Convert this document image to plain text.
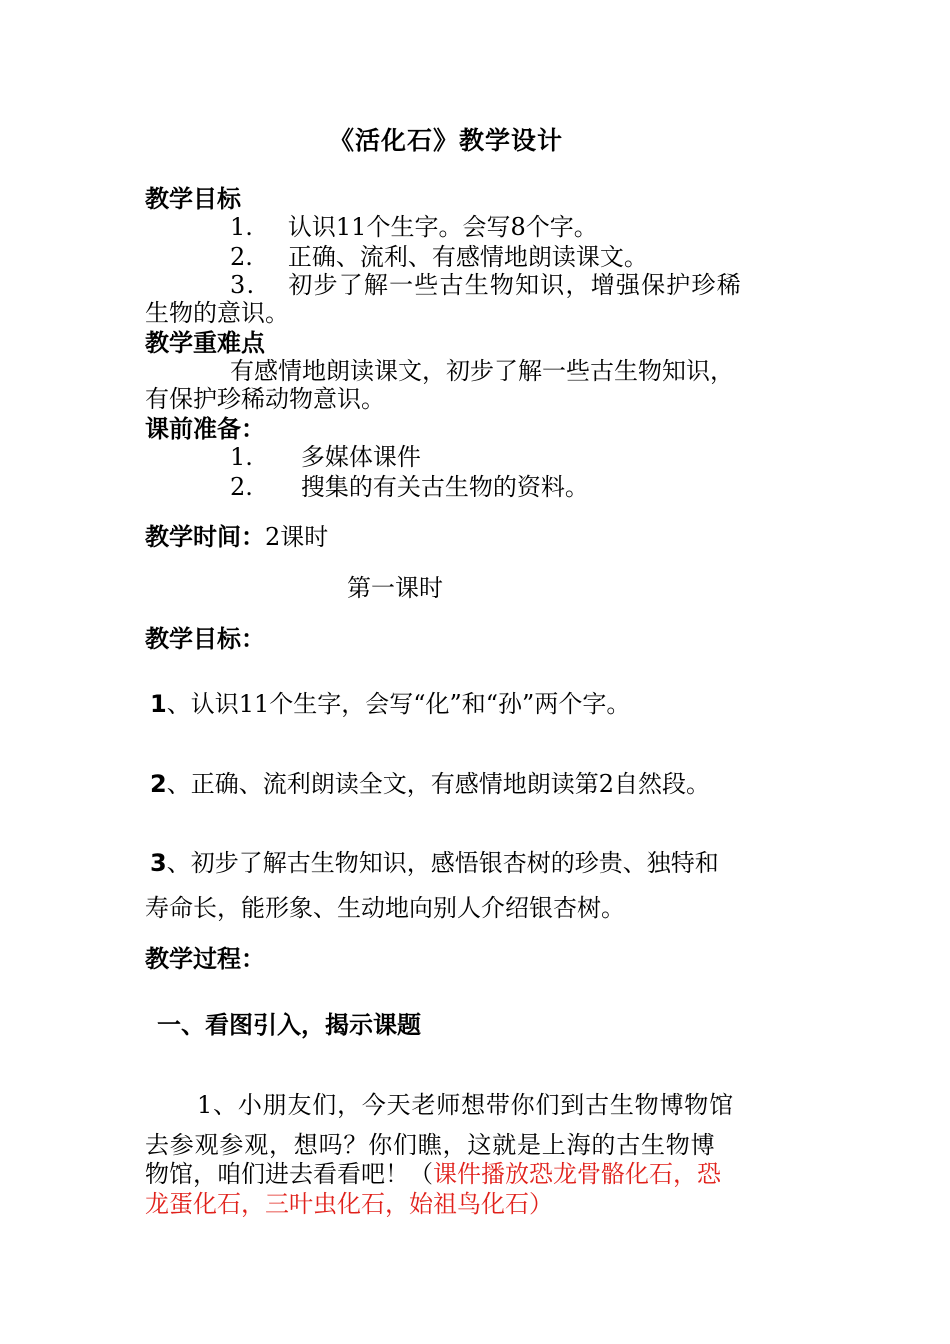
《活化石》教学设计
教学目标
1. 认识11个生字。会写8个字。
2. 正确、流利、有感情地朗读课文。
3. 初步了解一些古生物知识，增强保护珍稀
生物的意识。
教学重难点
有感情地朗读课文，初步了解一些古生物知识，
有保护珍稀动物意识。
课前准备：
1. 多媒体课件
2. 搜集的有关古生物的资料。
教学时间：2课时
第一课时
教学目标：
1、认识11个生字，会写“化”和“孙”两个字。
2、正确、流利朗读全文，有感情地朗读第2自然段。
3、初步了解古生物知识，感悟银杏树的珍贵、独特和
寿命长，能形象、生动地向别人介绍银杏树。
教学过程：
一、看图引入，揭示课题
1、小朋友们，今天老师想带你们到古生物博物馆
去参观参观，想吗？你们瞧，这就是上海的古生物博
物馆，咱们进去看看吧！（课件播放恐龙骨骼化石，恐
龙蛋化石，三叶虫化石，始祖鸟化石）
